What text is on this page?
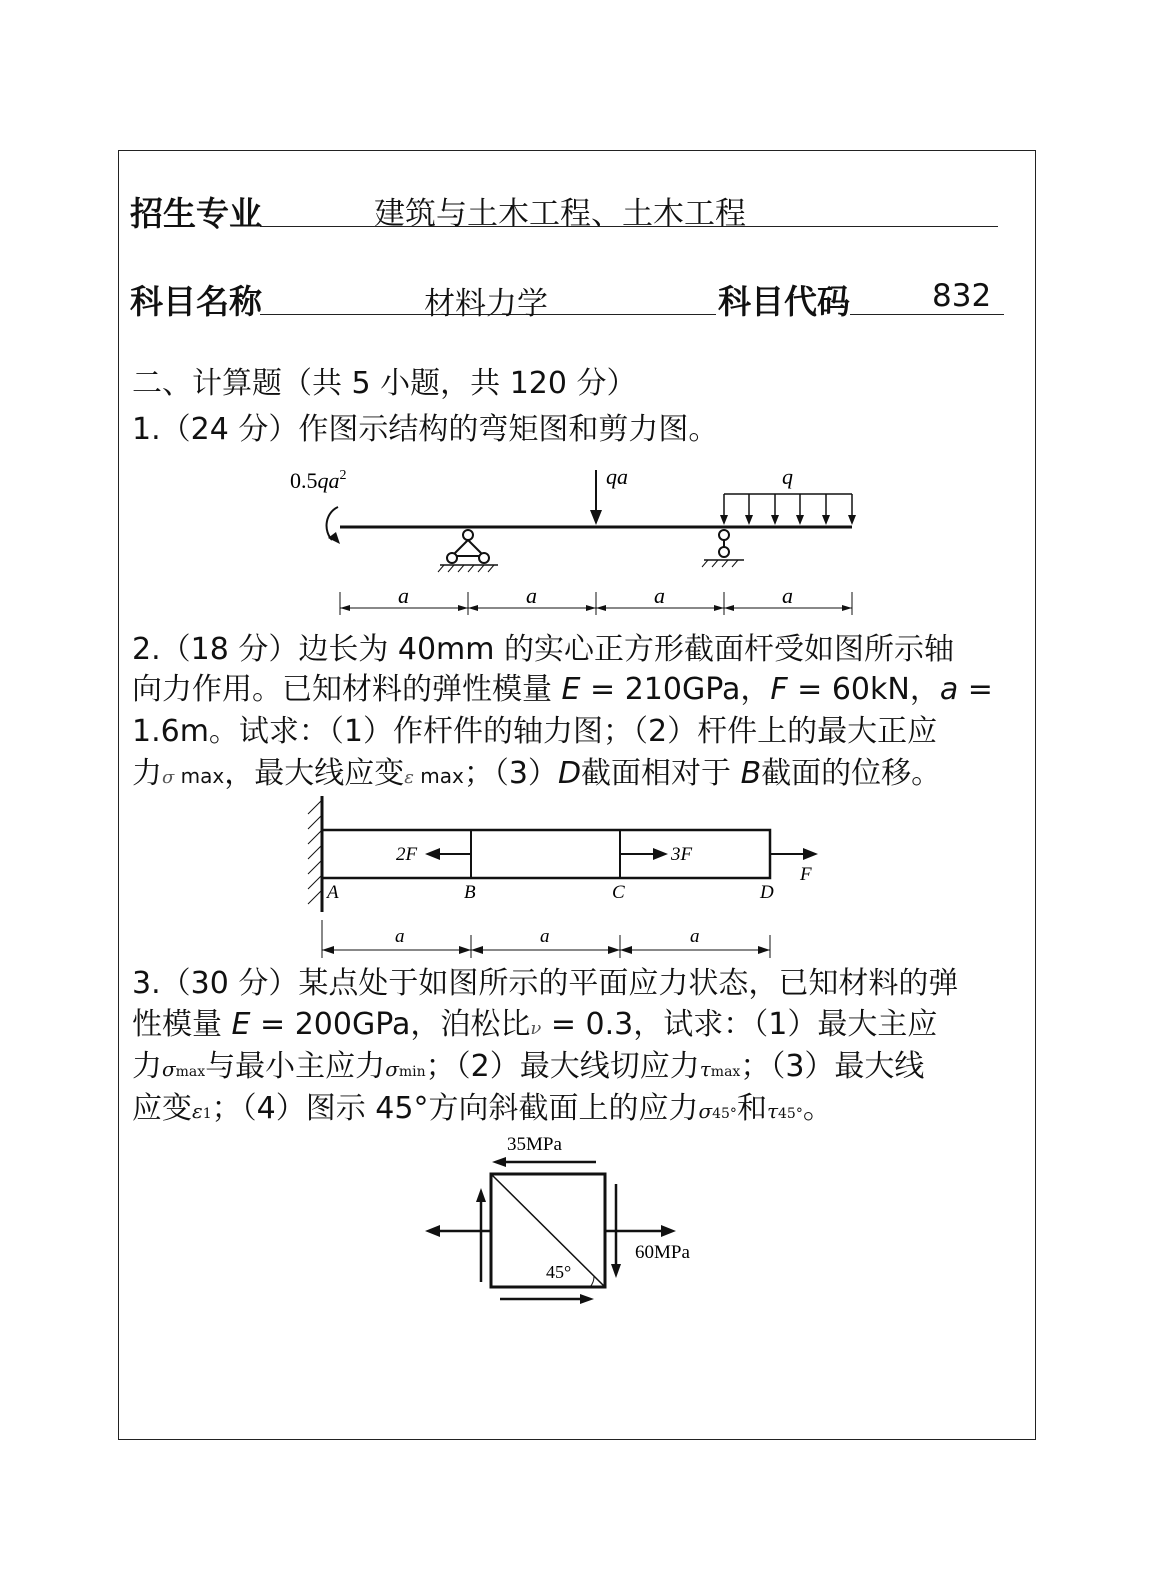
招生专业	建筑与土木工程、土木工程
科目名称	材料力学	科目代码	832
二、计算题（共 5 小题，共 120 分）
1.（24 分）作图示结构的弯矩图和剪力图。
$0.5qa^2$	qa	q
a	a	a	a
2.（18 分）边长为 40mm 的实心正方形截面杆受如图所示轴
向力作用。已知材料的弹性模量 E = 210GPa，F = 60kN，a =
1.6m。试求：（1）作杆件的轴力图；（2）杆件上的最大正应
力σ max，最大线应变ε max；（3）D截面相对于 B截面的位移。
2F	3F
F
A	B	C	D
a	a	a
3.（30 分）某点处于如图所示的平面应力状态，已知材料的弹
性模量 E = 200GPa，泊松比ν = 0.3，试求：（1）最大主应
力σmax与最小主应力σmin；（2）最大线切应力τmax；（3）最大线
应变ε1；（4）图示 45°方向斜截面上的应力σ45°和τ45°。
45°
35MPa
60MPa
